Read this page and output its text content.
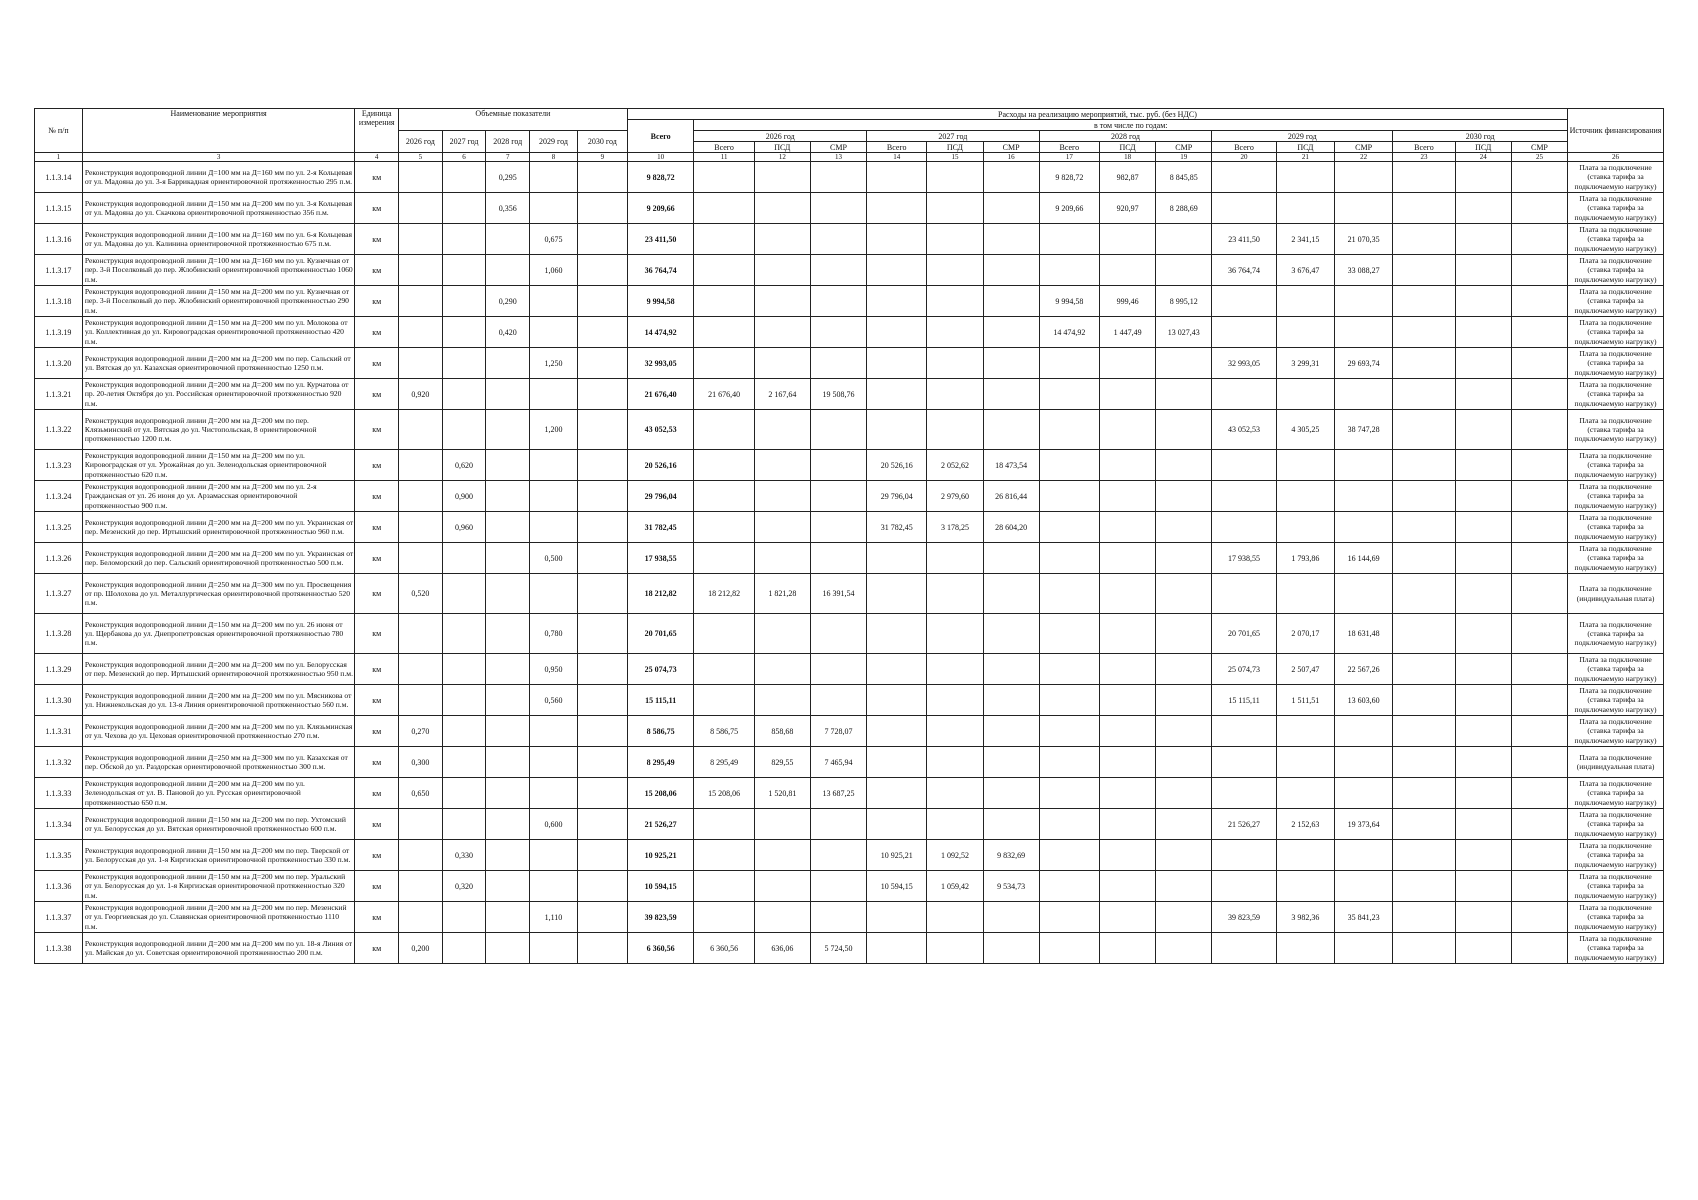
№ п/п	Наименование мероприятия	Единица измерения	Объемные показатели					Расходы на реализацию мероприятий, тыс. руб. (без НДС)																Источник финансирования
								Всего	в том числе по годам:															
			2026 год	2027 год	2028 год	2029 год	2030 год		2026 год			2027 год			2028 год			2029 год			2030 год			
									Всего	ПСД	СМР	Всего	ПСД	СМР	Всего	ПСД	СМР	Всего	ПСД	СМР	Всего	ПСД	СМР	
1	3	4	5	6	7	8	9	10	11	12	13	14	15	16	17	18	19	20	21	22	23	24	25	26
1.1.3.14	Реконструкция водопроводной линии Д=100 мм на Д=160 мм по ул. 2-я Кольцевая от ул. Мадояна до ул. 3-я Баррикадная ориентировочной протяженностью 295 п.м.	км			0,295			9 828,72							9 828,72	982,87	8 845,85							Плата за подключение (ставка тарифа за подключаемую нагрузку)
1.1.3.15	Реконструкция водопроводной линии Д=150 мм на Д=200 мм по ул. 3-я Кольцевая от ул. Мадояна до ул. Скачкова ориентировочной протяженностью 356 п.м.	км			0,356			9 209,66							9 209,66	920,97	8 288,69							Плата за подключение (ставка тарифа за подключаемую нагрузку)
1.1.3.16	Реконструкция водопроводной линии Д=100 мм на Д=160 мм по ул. 6-я Кольцевая от ул. Мадояна до ул. Калинина ориентировочной протяженностью 675 п.м.	км				0,675		23 411,50										23 411,50	2 341,15	21 070,35				Плата за подключение (ставка тарифа за подключаемую нагрузку)
1.1.3.17	Реконструкция водопроводной линии Д=100 мм на Д=160 мм по ул. Кузнечная от пер. 3-й Поселковый до пер. Жлобинский ориентировочной протяженностью 1060 п.м.	км				1,060		36 764,74										36 764,74	3 676,47	33 088,27				Плата за подключение (ставка тарифа за подключаемую нагрузку)
1.1.3.18	Реконструкция водопроводной линии Д=150 мм на Д=200 мм по ул. Кузнечная от пер. 3-й Поселковый до пер. Жлобинский ориентировочной протяженностью 290 п.м.	км			0,290			9 994,58							9 994,58	999,46	8 995,12							Плата за подключение (ставка тарифа за подключаемую нагрузку)
1.1.3.19	Реконструкция водопроводной линии Д=150 мм на Д=200 мм по ул. Молокова от ул. Коллективная до ул. Кировоградская ориентировочной протяженностью 420 п.м.	км			0,420			14 474,92							14 474,92	1 447,49	13 027,43							Плата за подключение (ставка тарифа за подключаемую нагрузку)
1.1.3.20	Реконструкция водопроводной линии Д=200 мм на Д=200 мм по пер. Сальский от ул. Вятская до ул. Казахская ориентировочной протяженностью 1250 п.м.	км				1,250		32 993,05										32 993,05	3 299,31	29 693,74				Плата за подключение (ставка тарифа за подключаемую нагрузку)
1.1.3.21	Реконструкция водопроводной линии Д=200 мм на Д=200 мм по ул. Курчатова от пр. 20-летия Октября до ул. Российская ориентировочной протяженностью 920 п.м.	км	0,920					21 676,40	21 676,40	2 167,64	19 508,76													Плата за подключение (ставка тарифа за подключаемую нагрузку)
1.1.3.22	Реконструкция водопроводной линии Д=200 мм на Д=200 мм по пер. Клязьминский от ул. Вятская до ул. Чистопольская, 8 ориентировочной протяженностью 1200 п.м.	км				1,200		43 052,53										43 052,53	4 305,25	38 747,28				Плата за подключение (ставка тарифа за подключаемую нагрузку)
1.1.3.23	Реконструкция водопроводной линии Д=150 мм на Д=200 мм по ул. Кировоградская от ул. Урожайная до ул. Зеленодольская ориентировочной протяженностью 620 п.м.	км		0,620				20 526,16				20 526,16	2 052,62	18 473,54										Плата за подключение (ставка тарифа за подключаемую нагрузку)
1.1.3.24	Реконструкция водопроводной линии Д=200 мм на Д=200 мм по ул. 2-я Гражданская от ул. 26 июня до ул. Арзамасская ориентировочной протяженностью 900 п.м.	км		0,900				29 796,04				29 796,04	2 979,60	26 816,44										Плата за подключение (ставка тарифа за подключаемую нагрузку)
1.1.3.25	Реконструкция водопроводной линии Д=200 мм на Д=200 мм по ул. Украинская от пер. Мезенский до пер. Иртышский ориентировочной протяженностью 960 п.м.	км		0,960				31 782,45				31 782,45	3 178,25	28 604,20										Плата за подключение (ставка тарифа за подключаемую нагрузку)
1.1.3.26	Реконструкция водопроводной линии Д=200 мм на Д=200 мм по ул. Украинская от пер. Беломорский до пер. Сальский ориентировочной протяженностью 500 п.м.	км				0,500		17 938,55										17 938,55	1 793,86	16 144,69				Плата за подключение (ставка тарифа за подключаемую нагрузку)
1.1.3.27	Реконструкция водопроводной линии Д=250 мм на Д=300 мм по ул. Просвещения от пр. Шолохова до ул. Металлургическая ориентировочной протяженностью 520 п.м.	км	0,520					18 212,82	18 212,82	1 821,28	16 391,54													Плата за подключение (индивидуальная плата)
1.1.3.28	Реконструкция водопроводной линии Д=150 мм на Д=200 мм по ул. 26 июня от ул. Щербакова до ул. Днепропетровская ориентировочной протяженностью 780 п.м.	км				0,780		20 701,65										20 701,65	2 070,17	18 631,48				Плата за подключение (ставка тарифа за подключаемую нагрузку)
1.1.3.29	Реконструкция водопроводной линии Д=200 мм на Д=200 мм по ул. Белорусская от пер. Мезенский до пер. Иртышский ориентировочной протяженностью 950 п.м.	км				0,950		25 074,73										25 074,73	2 507,47	22 567,26				Плата за подключение (ставка тарифа за подключаемую нагрузку)
1.1.3.30	Реконструкция водопроводной линии Д=200 мм на Д=200 мм по ул. Мясникова от ул. Нижнекольская до ул. 13-я Линия ориентировочной протяженностью 560 п.м.	км				0,560		15 115,11										15 115,11	1 511,51	13 603,60				Плата за подключение (ставка тарифа за подключаемую нагрузку)
1.1.3.31	Реконструкция водопроводной линии Д=200 мм на Д=200 мм по ул. Клязьминская от ул. Чехова до ул. Цеховая ориентировочной протяженностью 270 п.м.	км	0,270					8 586,75	8 586,75	858,68	7 728,07													Плата за подключение (ставка тарифа за подключаемую нагрузку)
1.1.3.32	Реконструкция водопроводной линии Д=250 мм на Д=300 мм по ул. Казахская от пер. Обской до ул. Раздорская ориентировочной протяженностью 300 п.м.	км	0,300					8 295,49	8 295,49	829,55	7 465,94													Плата за подключение (индивидуальная плата)
1.1.3.33	Реконструкция водопроводной линии Д=200 мм на Д=200 мм по ул. Зеленодольская от ул. В. Пановой до ул. Русская ориентировочной протяженностью 650 п.м.	км	0,650					15 208,06	15 208,06	1 520,81	13 687,25													Плата за подключение (ставка тарифа за подключаемую нагрузку)
1.1.3.34	Реконструкция водопроводной линии Д=150 мм на Д=200 мм по пер. Ухтомский от ул. Белорусская до ул. Вятская ориентировочной протяженностью 600 п.м.	км				0,600		21 526,27										21 526,27	2 152,63	19 373,64				Плата за подключение (ставка тарифа за подключаемую нагрузку)
1.1.3.35	Реконструкция водопроводной линии Д=150 мм на Д=200 мм по пер. Тверской от ул. Белорусская до ул. 1-я Киргизская ориентировочной протяженностью 330 п.м.	км		0,330				10 925,21				10 925,21	1 092,52	9 832,69										Плата за подключение (ставка тарифа за подключаемую нагрузку)
1.1.3.36	Реконструкция водопроводной линии Д=150 мм на Д=200 мм по пер. Уральский от ул. Белорусская до ул. 1-я Киргизская ориентировочной протяженностью 320 п.м.	км		0,320				10 594,15				10 594,15	1 059,42	9 534,73										Плата за подключение (ставка тарифа за подключаемую нагрузку)
1.1.3.37	Реконструкция водопроводной линии Д=200 мм на Д=200 мм по пер. Мезенский от ул. Георгиевская до ул. Славянская ориентировочной протяженностью 1110 п.м.	км				1,110		39 823,59										39 823,59	3 982,36	35 841,23				Плата за подключение (ставка тарифа за подключаемую нагрузку)
1.1.3.38	Реконструкция водопроводной линии Д=200 мм на Д=200 мм по ул. 18-я Линия от ул. Майская до ул. Советская ориентировочной протяженностью 200 п.м.	км	0,200					6 360,56	6 360,56	636,06	5 724,50													Плата за подключение (ставка тарифа за подключаемую нагрузку)
